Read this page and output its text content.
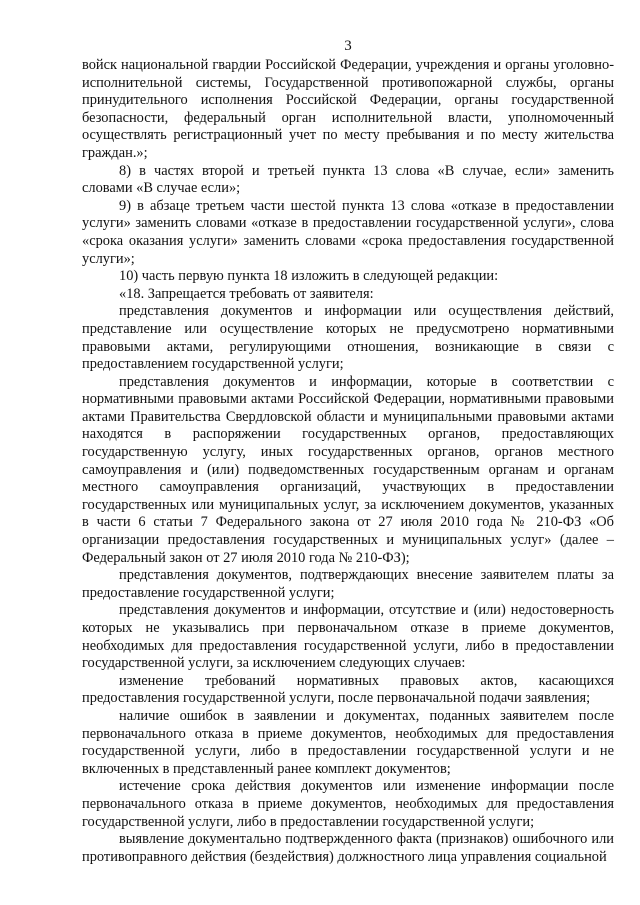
3

войск национальной гвардии Российской Федерации, учреждения и органы уголовно-исполнительной системы, Государственной противопожарной службы, органы принудительного исполнения Российской Федерации, органы государственной безопасности, федеральный орган исполнительной власти, уполномоченный осуществлять регистрационный учет по месту пребывания и по месту жительства граждан.»;

8) в частях второй и третьей пункта 13 слова «В случае, если» заменить словами «В случае если»;

9) в абзаце третьем части шестой пункта 13 слова «отказе в предоставлении услуги» заменить словами «отказе в предоставлении государственной услуги», слова «срока оказания услуги» заменить словами «срока предоставления государственной услуги»;

10) часть первую пункта 18 изложить в следующей редакции:

«18. Запрещается требовать от заявителя:

представления документов и информации или осуществления действий, представление или осуществление которых не предусмотрено нормативными правовыми актами, регулирующими отношения, возникающие в связи с предоставлением государственной услуги;

представления документов и информации, которые в соответствии с нормативными правовыми актами Российской Федерации, нормативными правовыми актами Правительства Свердловской области и муниципальными правовыми актами находятся в распоряжении государственных органов, предоставляющих государственную услугу, иных государственных органов, органов местного самоуправления и (или) подведомственных государственным органам и органам местного самоуправления организаций, участвующих в предоставлении государственных или муниципальных услуг, за исключением документов, указанных в части 6 статьи 7 Федерального закона от 27 июля 2010 года № 210-ФЗ «Об организации предоставления государственных и муниципальных услуг» (далее – Федеральный закон от 27 июля 2010 года № 210-ФЗ);

представления документов, подтверждающих внесение заявителем платы за предоставление государственной услуги;

представления документов и информации, отсутствие и (или) недостоверность которых не указывались при первоначальном отказе в приеме документов, необходимых для предоставления государственной услуги, либо в предоставлении государственной услуги, за исключением следующих случаев:

изменение требований нормативных правовых актов, касающихся предоставления государственной услуги, после первоначальной подачи заявления;

наличие ошибок в заявлении и документах, поданных заявителем после первоначального отказа в приеме документов, необходимых для предоставления государственной услуги, либо в предоставлении государственной услуги и не включенных в представленный ранее комплект документов;

истечение срока действия документов или изменение информации после первоначального отказа в приеме документов, необходимых для предоставления государственной услуги, либо в предоставлении государственной услуги;

выявление документально подтвержденного факта (признаков) ошибочного или противоправного действия (бездействия) должностного лица управления социальной
